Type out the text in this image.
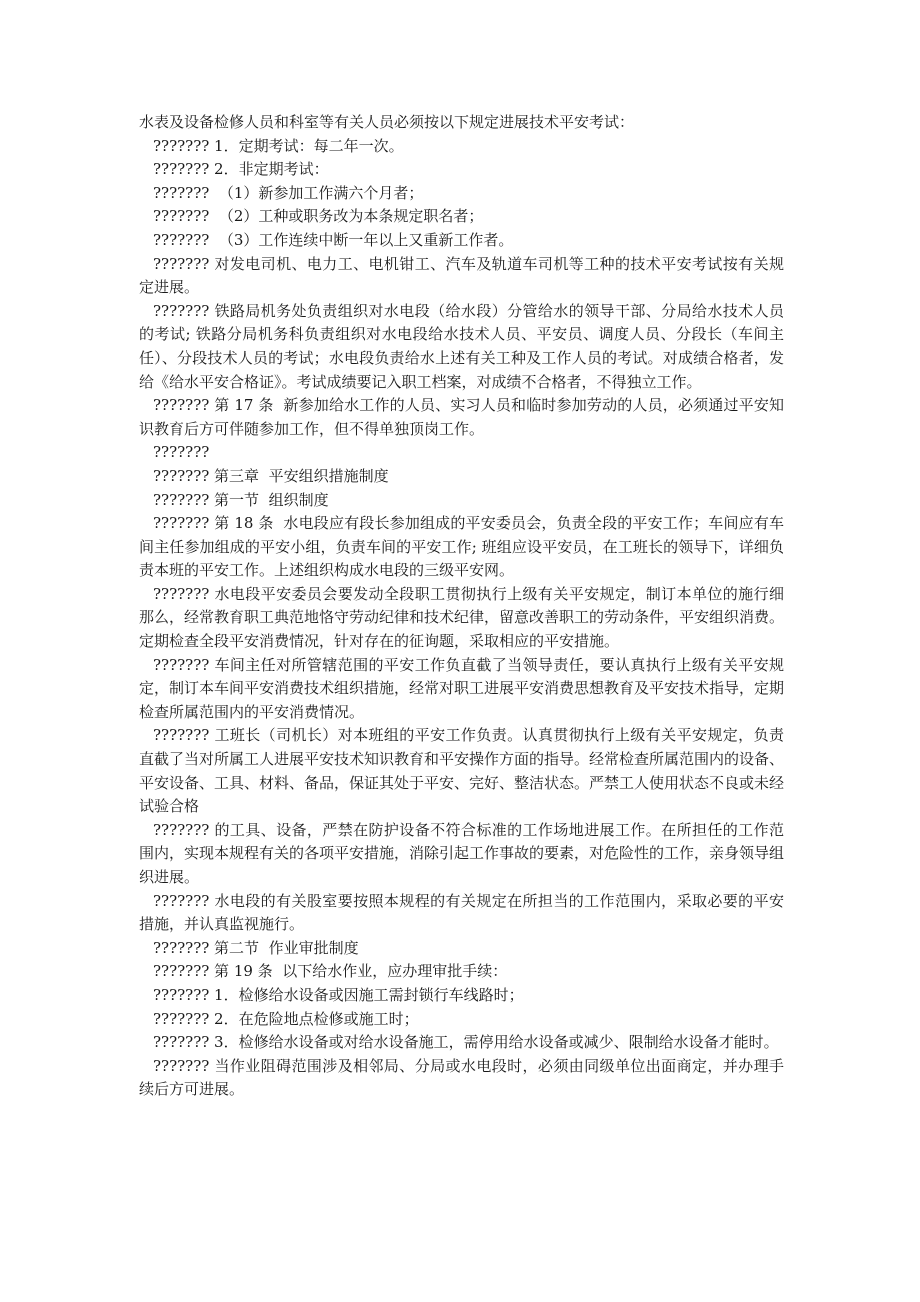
水表及设备检修人员和科室等有关人员必须按以下规定进展技术平安考试：

??????? 1．定期考试：每二年一次。

??????? 2．非定期考试：

???????  （1）新参加工作满六个月者；

???????  （2）工种或职务改为本条规定职名者；

???????  （3）工作连续中断一年以上又重新工作者。

??????? 对发电司机、电力工、电机钳工、汽车及轨道车司机等工种的技术平安考试按有关规定进展。

??????? 铁路局机务处负责组织对水电段（给水段）分管给水的领导干部、分局给水技术人员的考试; 铁路分局机务科负责组织对水电段给水技术人员、平安员、调度人员、分段长（车间主任）、分段技术人员的考试；水电段负责给水上述有关工种及工作人员的考试。对成绩合格者，发给《给水平安合格证》。考试成绩要记入职工档案，对成绩不合格者，不得独立工作。

??????? 第 17 条  新参加给水工作的人员、实习人员和临时参加劳动的人员，必须通过平安知识教育后方可伴随参加工作，但不得单独顶岗工作。

???????

??????? 第三章  平安组织措施制度

??????? 第一节  组织制度

??????? 第 18 条  水电段应有段长参加组成的平安委员会，负责全段的平安工作；车间应有车间主任参加组成的平安小组，负责车间的平安工作; 班组应设平安员，在工班长的领导下，详细负责本班的平安工作。上述组织构成水电段的三级平安网。

??????? 水电段平安委员会要发动全段职工贯彻执行上级有关平安规定，制订本单位的施行细那么，经常教育职工典范地恪守劳动纪律和技术纪律，留意改善职工的劳动条件，平安组织消费。定期检查全段平安消费情况，针对存在的征询题，采取相应的平安措施。

??????? 车间主任对所管辖范围的平安工作负直截了当领导责任，要认真执行上级有关平安规定，制订本车间平安消费技术组织措施，经常对职工进展平安消费思想教育及平安技术指导，定期检查所属范围内的平安消费情况。

??????? 工班长（司机长）对本班组的平安工作负责。认真贯彻执行上级有关平安规定，负责直截了当对所属工人进展平安技术知识教育和平安操作方面的指导。经常检查所属范围内的设备、平安设备、工具、材料、备品，保证其处于平安、完好、整洁状态。严禁工人使用状态不良或未经试验合格

??????? 的工具、设备，严禁在防护设备不符合标准的工作场地进展工作。在所担任的工作范围内，实现本规程有关的各项平安措施，消除引起工作事故的要素，对危险性的工作，亲身领导组织进展。

??????? 水电段的有关股室要按照本规程的有关规定在所担当的工作范围内，采取必要的平安措施，并认真监视施行。

??????? 第二节  作业审批制度

??????? 第 19 条  以下给水作业，应办理审批手续：

??????? 1．检修给水设备或因施工需封锁行车线路时；

??????? 2．在危险地点检修或施工时；

??????? 3．检修给水设备或对给水设备施工，需停用给水设备或减少、限制给水设备才能时。

??????? 当作业阻碍范围涉及相邻局、分局或水电段时，必须由同级单位出面商定，并办理手续后方可进展。
